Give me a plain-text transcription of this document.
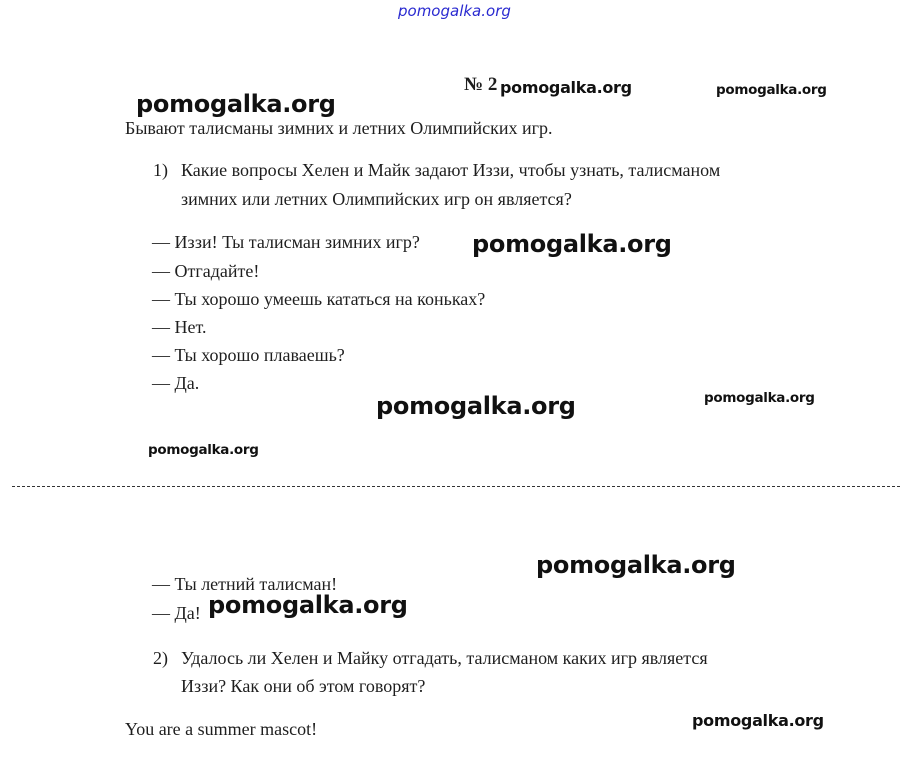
pomogalka.org
№ 2 pomogalka.org	pomogalka.org
pomogalka.org
Бывают талисманы зимних и летних Олимпийских игр.
1) Какие вопросы Хелен и Майк задают Иззи, чтобы узнать, талисманом
зимних или летних Олимпийских игр он является?
— Иззи! Ты талисман зимних игр?
— Отгадайте!
— Ты хорошо умеешь кататься на коньках?
— Нет.
— Ты хорошо плаваешь?
— Да.
pomogalka.org
pomogalka.org	pomogalka.org
pomogalka.org
pomogalka.org
— Ты летний талисман!
— Да! pomogalka.org
2) Удалось ли Хелен и Майку отгадать, талисманом каких игр является
Иззи? Как они об этом говорят?
You are a summer mascot!	pomogalka.org
